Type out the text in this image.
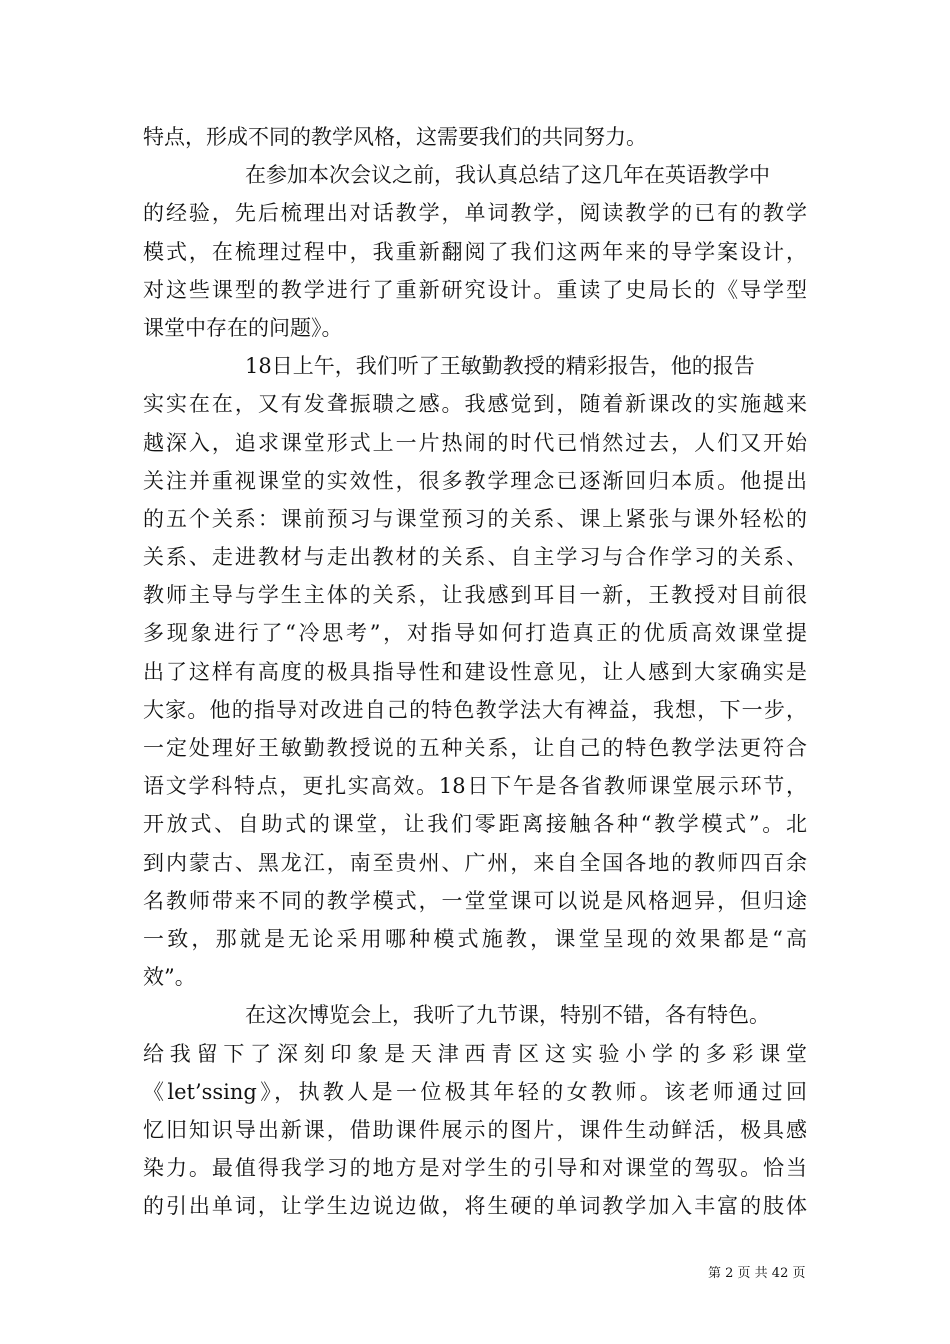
特点，形成不同的教学风格，这需要我们的共同努力。
在参加本次会议之前，我认真总结了这几年在英语教学中
的经验，先后梳理出对话教学，单词教学，阅读教学的已有的教学
模式，在梳理过程中，我重新翻阅了我们这两年来的导学案设计，
对这些课型的教学进行了重新研究设计。重读了史局长的《导学型
课堂中存在的问题》。
18日上午，我们听了王敏勤教授的精彩报告，他的报告
实实在在，又有发聋振聩之感。我感觉到，随着新课改的实施越来
越深入，追求课堂形式上一片热闹的时代已悄然过去，人们又开始
关注并重视课堂的实效性，很多教学理念已逐渐回归本质。他提出
的五个关系：课前预习与课堂预习的关系、课上紧张与课外轻松的
关系、走进教材与走出教材的关系、自主学习与合作学习的关系、
教师主导与学生主体的关系，让我感到耳目一新，王教授对目前很
多现象进行了“冷思考”，对指导如何打造真正的优质高效课堂提
出了这样有高度的极具指导性和建设性意见，让人感到大家确实是
大家。他的指导对改进自己的特色教学法大有裨益，我想，下一步，
一定处理好王敏勤教授说的五种关系，让自己的特色教学法更符合
语文学科特点，更扎实高效。18日下午是各省教师课堂展示环节，
开放式、自助式的课堂，让我们零距离接触各种“教学模式”。北
到内蒙古、黑龙江，南至贵州、广州，来自全国各地的教师四百余
名教师带来不同的教学模式，一堂堂课可以说是风格迥异，但归途
一致，那就是无论采用哪种模式施教，课堂呈现的效果都是“高
效”。
在这次博览会上，我听了九节课，特别不错，各有特色。
给我留下了深刻印象是天津西青区这实验小学的多彩课堂
《let’ssing》，执教人是一位极其年轻的女教师。该老师通过回
忆旧知识导出新课，借助课件展示的图片，课件生动鲜活，极具感
染力。最值得我学习的地方是对学生的引导和对课堂的驾驭。恰当
的引出单词，让学生边说边做，将生硬的单词教学加入丰富的肢体
第 2 页 共 42 页
